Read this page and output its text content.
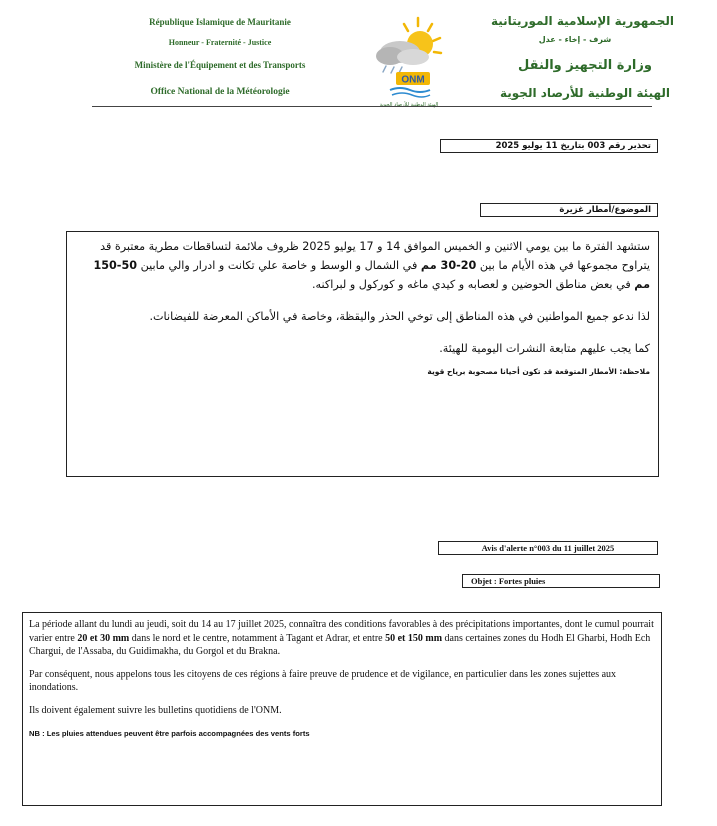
République Islamique de Mauritanie
Honneur - Fraternité - Justice
Ministère de l'Équipement et des Transports
Office National de la Météorologie
ONM
الهيئة الوطنية للأرصاد الجوية
الجمهورية الإسلامية الموريتانية
شرف - إخاء - عدل
وزارة التجهيز والنقل
الهيئة الوطنية للأرصاد الجوية
تحذير رقم 003 بتاريخ 11 يوليو 2025
الموضوع/أمطار غزيرة

ستشهد الفترة ما بين يومي الاثنين و الخميس الموافق 14 و 17 يوليو 2025 ظروف ملائمة لتساقطات مطرية معتبرة قد يتراوح مجموعها في هذه الأيام ما بين 20-30 مم في الشمال و الوسط و خاصة علي تكانت و ادرار والي مابين 50-150 مم في بعض مناطق الحوضين و لعصابه و كيدي ماغه و كوركول و لبراكنه.

لذا ندعو جميع المواطنين في هذه المناطق إلى توخي الحذر واليقظة، وخاصة في الأماكن المعرضة للفيضانات.

كما يجب عليهم متابعة النشرات اليومية للهيئة.

ملاحظة: الأمطار المتوقعة قد تكون أحيانا مصحوبة برياح قوية

Avis d'alerte n°003 du 11 juillet 2025
Objet : Fortes pluies

La période allant du lundi au jeudi, soit du 14 au 17 juillet 2025, connaîtra des conditions favorables à des précipitations importantes, dont le cumul pourrait varier entre 20 et 30 mm dans le nord et le centre, notamment à Tagant et Adrar, et entre 50 et 150 mm dans certaines zones du Hodh El Gharbi, Hodh Ech Chargui, de l'Assaba, du Guidimakha, du Gorgol et du Brakna.

Par conséquent, nous appelons tous les citoyens de ces régions à faire preuve de prudence et de vigilance, en particulier dans les zones sujettes aux inondations.

Ils doivent également suivre les bulletins quotidiens de l'ONM.

NB : Les pluies attendues peuvent être parfois accompagnées des vents forts
